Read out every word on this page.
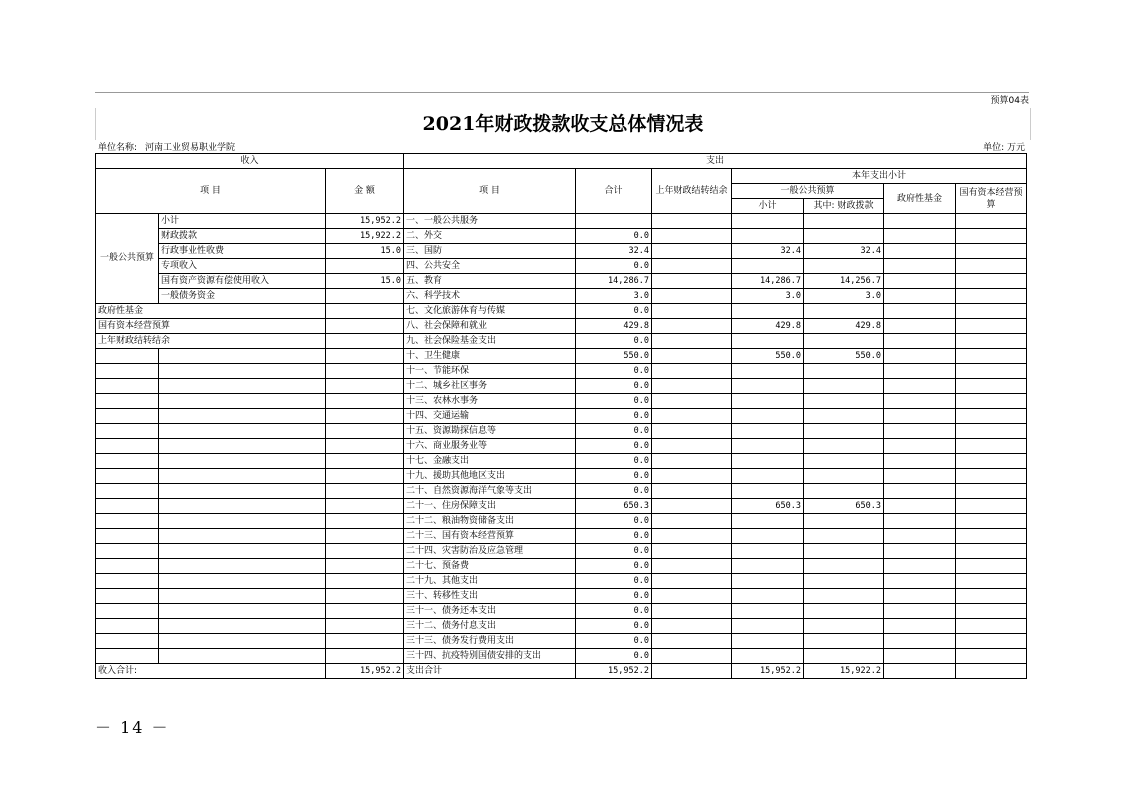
预算04表
2021年财政拨款收支总体情况表
单位名称: 河南工业贸易职业学院	单位: 万元
收入			支出						
项 目		金 额	项 目	合计	上年财政结转结余	本年支出小计			
						一般公共预算		政府性基金	国有资本经营预算
						小计	其中: 财政拨款		
一般公共预算	小计	15,952.2	一、一般公共服务						
	财政拨款	15,922.2	二、外交	0.0					
	行政事业性收费	15.0	三、国防	32.4		32.4	32.4		
	专项收入		四、公共安全	0.0					
	国有资产资源有偿使用收入	15.0	五、教育	14,286.7		14,286.7	14,256.7		
	一般债务资金		六、科学技术	3.0		3.0	3.0		
政府性基金			七、文化旅游体育与传媒	0.0					
国有资本经营预算			八、社会保障和就业	429.8		429.8	429.8		
上年财政结转结余			九、社会保险基金支出	0.0					
			十、卫生健康	550.0		550.0	550.0		
			十一、节能环保	0.0					
			十二、城乡社区事务	0.0					
			十三、农林水事务	0.0					
			十四、交通运输	0.0					
			十五、资源勘探信息等	0.0					
			十六、商业服务业等	0.0					
			十七、金融支出	0.0					
			十九、援助其他地区支出	0.0					
			二十、自然资源海洋气象等支出	0.0					
			二十一、住房保障支出	650.3		650.3	650.3		
			二十二、粮油物资储备支出	0.0					
			二十三、国有资本经营预算	0.0					
			二十四、灾害防治及应急管理	0.0					
			二十七、预备费	0.0					
			二十九、其他支出	0.0					
			三十、转移性支出	0.0					
			三十一、债务还本支出	0.0					
			三十二、债务付息支出	0.0					
			三十三、债务发行费用支出	0.0					
			三十四、抗疫特别国债安排的支出	0.0					
收入合计:		15,952.2	支出合计	15,952.2		15,952.2	15,922.2		
－ 14 －
